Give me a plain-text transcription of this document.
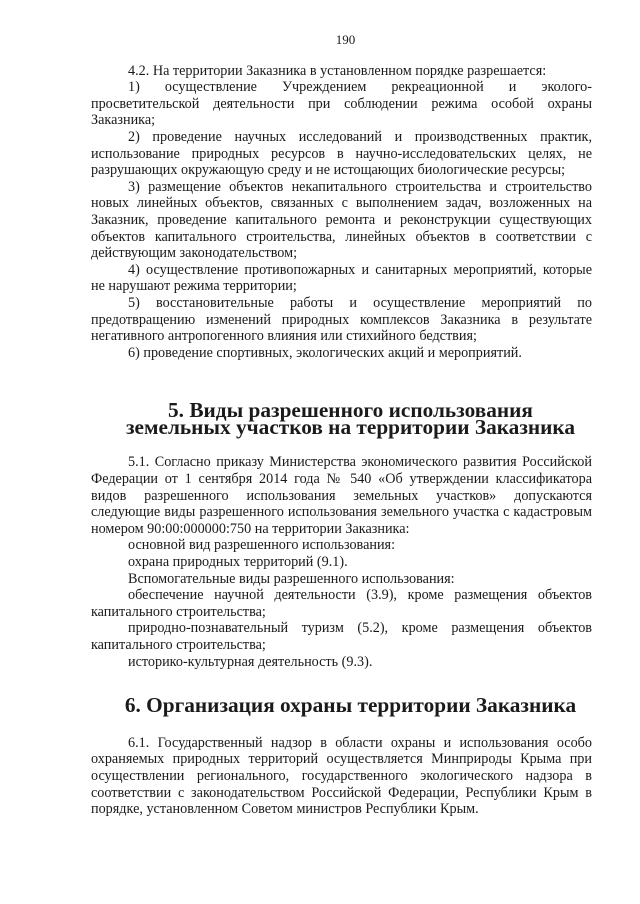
190

4.2. На территории Заказника в установленном порядке разрешается:

1) осуществление Учреждением рекреационной и эколого-просветительской деятельности при соблюдении режима особой охраны Заказника;

2) проведение научных исследований и производственных практик, использование природных ресурсов в научно-исследовательских целях, не разрушающих окружающую среду и не истощающих биологические ресурсы;

3) размещение объектов некапитального строительства и строительство новых линейных объектов, связанных с выполнением задач, возложенных на Заказник, проведение капитального ремонта и реконструкции существующих объектов капитального строительства, линейных объектов в соответствии с действующим законодательством;

4) осуществление противопожарных и санитарных мероприятий, которые не нарушают режима территории;

5) восстановительные работы и осуществление мероприятий по предотвращению изменений природных комплексов Заказника в результате негативного антропогенного влияния или стихийного бедствия;

6) проведение спортивных, экологических акций и мероприятий.

5. Виды разрешенного использования земельных участков на территории Заказника

5.1. Согласно приказу Министерства экономического развития Российской Федерации от 1 сентября 2014 года № 540 «Об утверждении классификатора видов разрешенного использования земельных участков» допускаются следующие виды разрешенного использования земельного участка с кадастровым номером 90:00:000000:750 на территории Заказника:

основной вид разрешенного использования:

охрана природных территорий (9.1).

Вспомогательные виды разрешенного использования:

обеспечение научной деятельности (3.9), кроме размещения объектов капитального строительства;

природно-познавательный туризм (5.2), кроме размещения объектов капитального строительства;

историко-культурная деятельность (9.3).

6. Организация охраны территории Заказника

6.1. Государственный надзор в области охраны и использования особо охраняемых природных территорий осуществляется Минприроды Крыма при осуществлении регионального, государственного экологического надзора в соответствии с законодательством Российской Федерации, Республики Крым в порядке, установленном Советом министров Республики Крым.
